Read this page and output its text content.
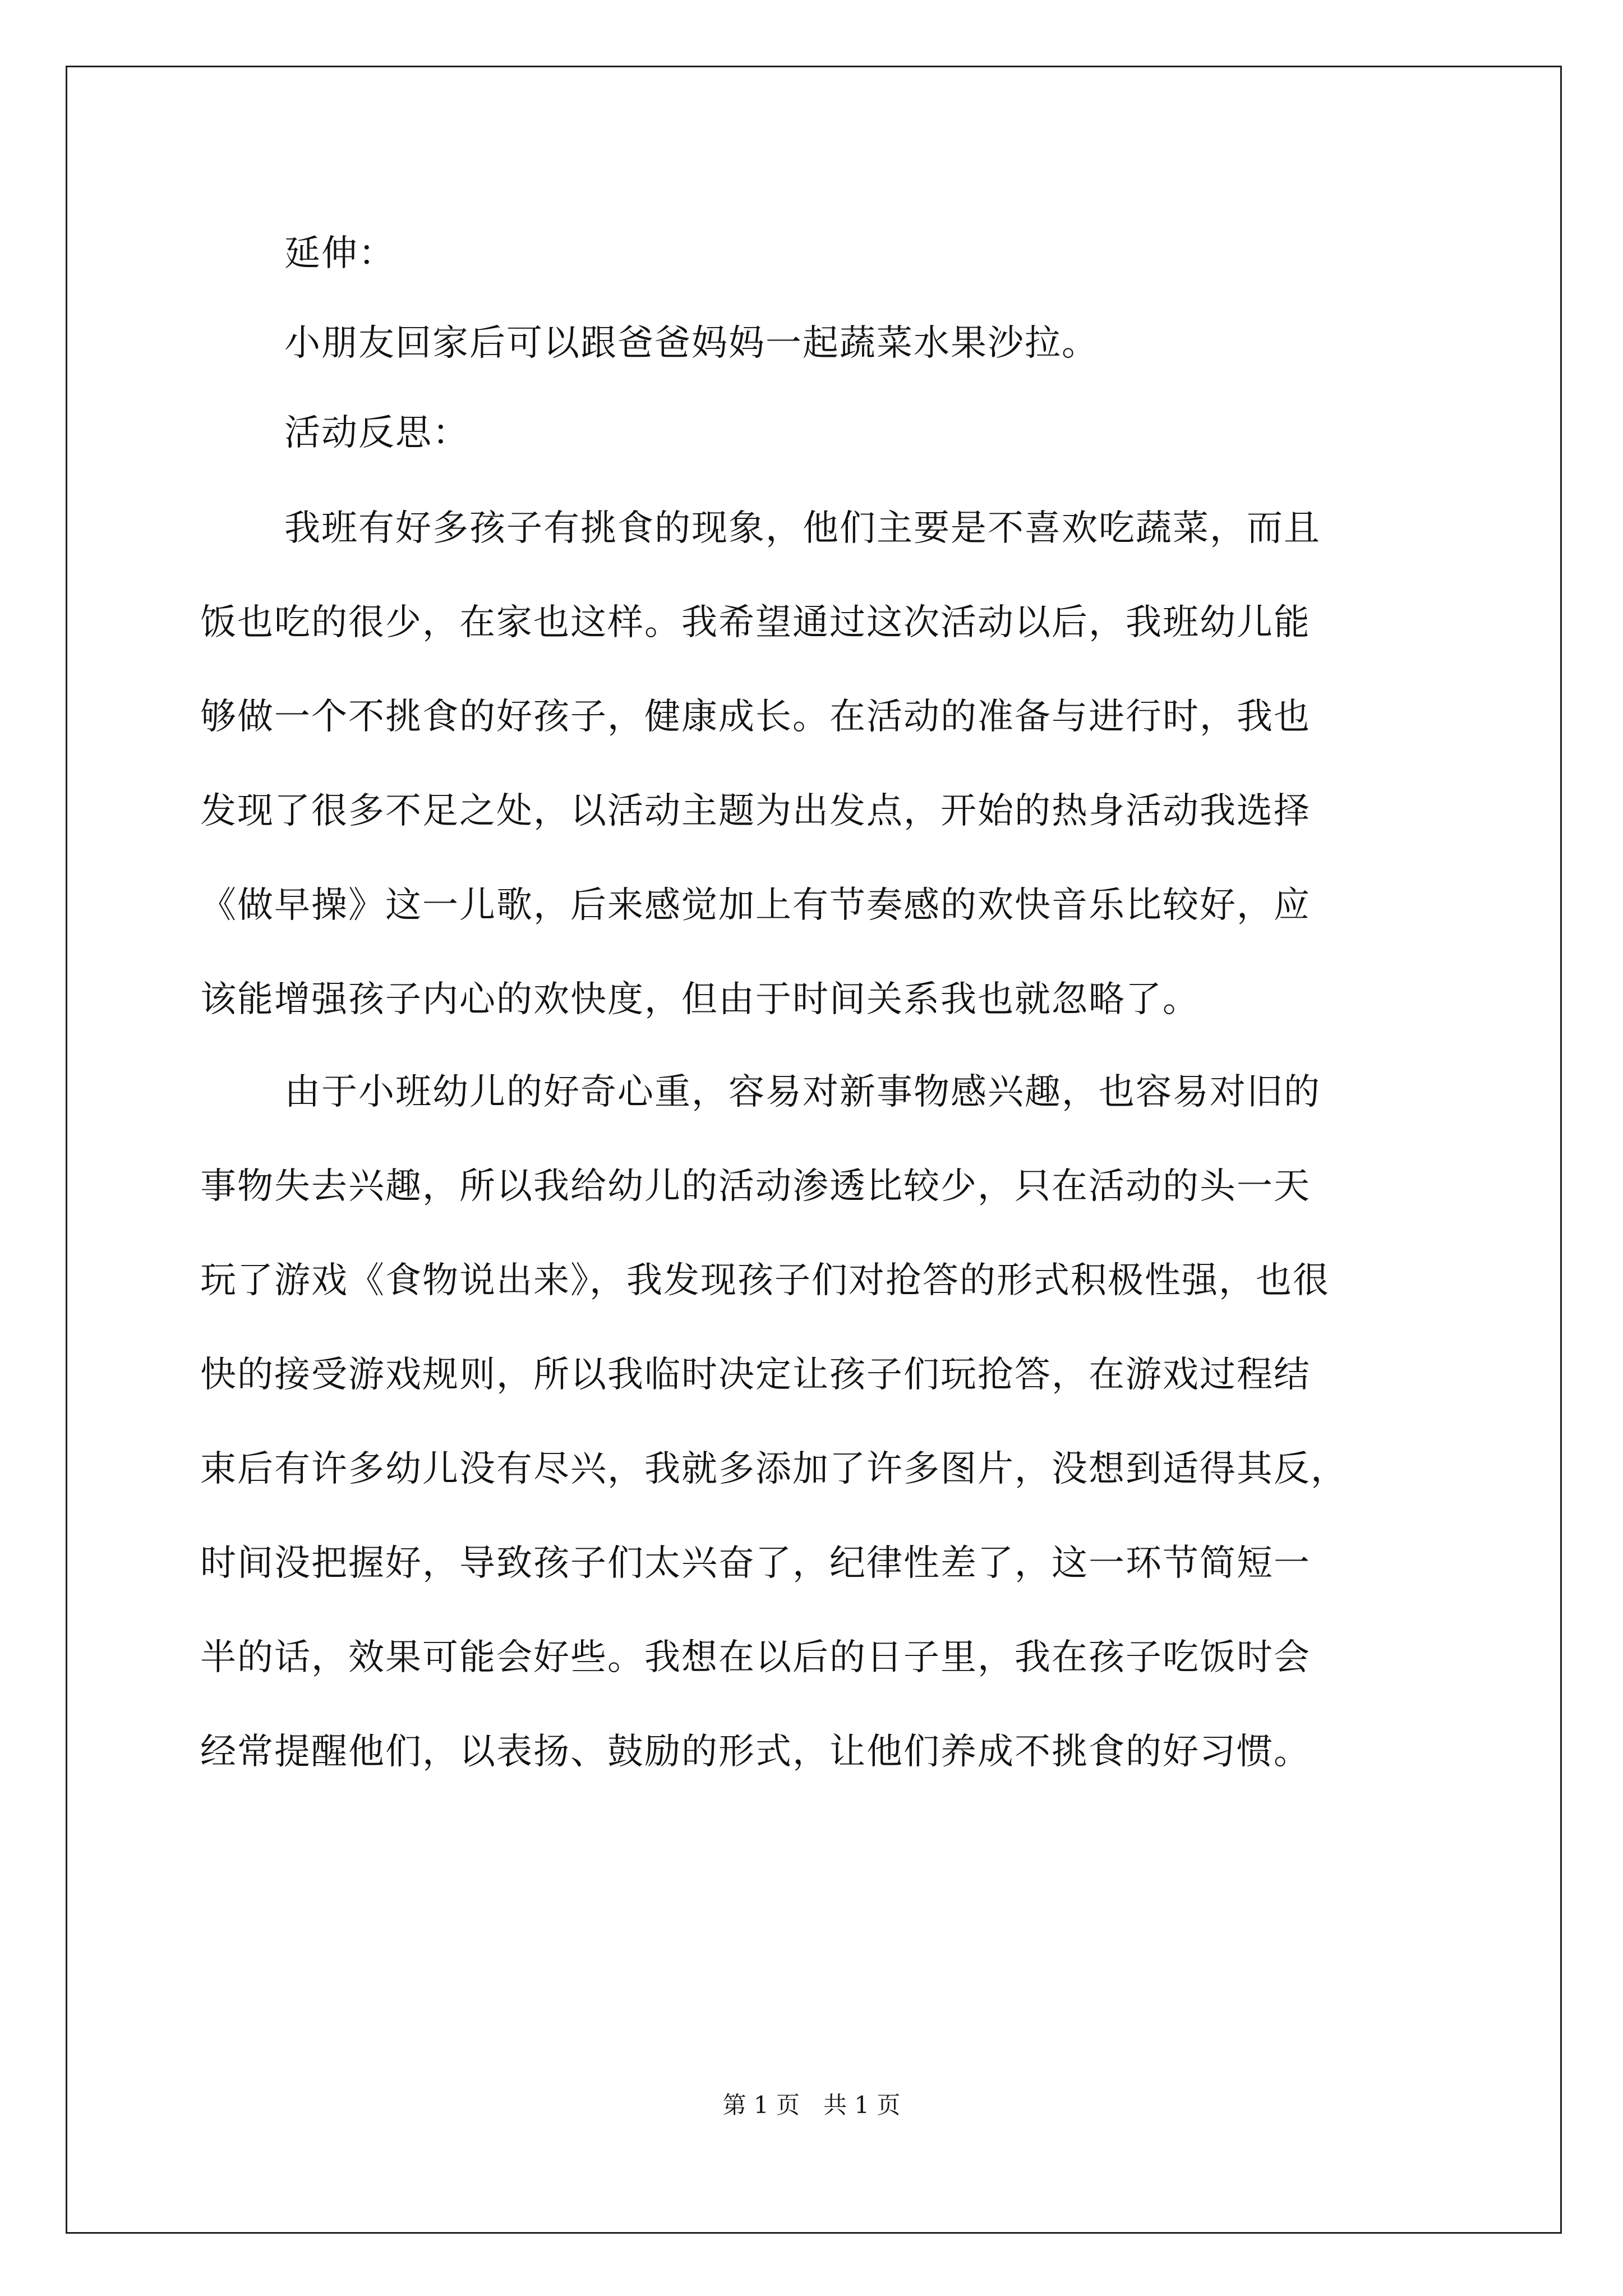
延伸：
小朋友回家后可以跟爸爸妈妈一起蔬菜水果沙拉。
活动反思：
我班有好多孩子有挑食的现象，他们主要是不喜欢吃蔬菜，而且
饭也吃的很少，在家也这样。我希望通过这次活动以后，我班幼儿能
够做一个不挑食的好孩子，健康成长。在活动的准备与进行时，我也
发现了很多不足之处，以活动主题为出发点，开始的热身活动我选择
《做早操》这一儿歌，后来感觉加上有节奏感的欢快音乐比较好，应
该能增强孩子内心的欢快度，但由于时间关系我也就忽略了。
由于小班幼儿的好奇心重，容易对新事物感兴趣，也容易对旧的
事物失去兴趣，所以我给幼儿的活动渗透比较少，只在活动的头一天
玩了游戏《食物说出来》，我发现孩子们对抢答的形式积极性强，也很
快的接受游戏规则，所以我临时决定让孩子们玩抢答，在游戏过程结
束后有许多幼儿没有尽兴，我就多添加了许多图片，没想到适得其反，
时间没把握好，导致孩子们太兴奋了，纪律性差了，这一环节简短一
半的话，效果可能会好些。我想在以后的日子里，我在孩子吃饭时会
经常提醒他们，以表扬、鼓励的形式，让他们养成不挑食的好习惯。
第 1 页　共 1 页
